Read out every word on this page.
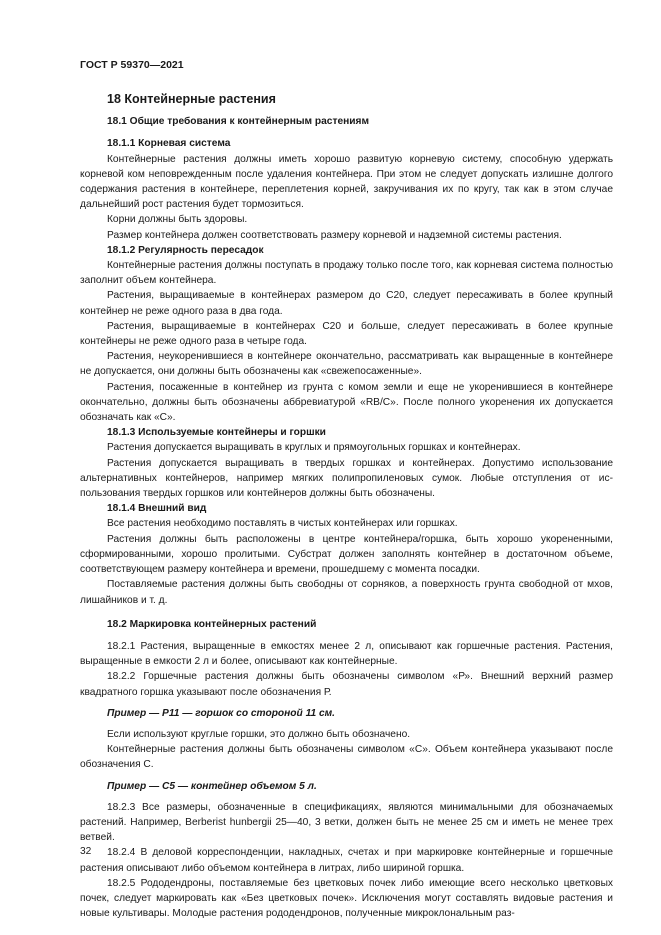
ГОСТ Р 59370—2021
18 Контейнерные растения
18.1 Общие требования к контейнерным растениям
18.1.1 Корневая система

Контейнерные растения должны иметь хорошо развитую корневую систему, способную удержать корневой ком неповрежденным после удаления контейнера. При этом не следует допускать излишне долгого содержания растения в контейнере, переплетения корней, закручивания их по кругу, так как в этом случае дальнейший рост растения будет тормозиться.

Корни должны быть здоровы.

Размер контейнера должен соответствовать размеру корневой и надземной системы растения.

18.1.2 Регулярность пересадок

Контейнерные растения должны поступать в продажу только после того, как корневая система полностью заполнит объем контейнера.

Растения, выращиваемые в контейнерах размером до С20, следует пересаживать в более крупный контейнер не реже одного раза в два года.

Растения, выращиваемые в контейнерах С20 и больше, следует пересаживать в более крупные контейнеры не реже одного раза в четыре года.

Растения, неукоренившиеся в контейнере окончательно, рассматривать как выращенные в контейнере не допускается, они должны быть обозначены как «свежепосаженные».

Растения, посаженные в контейнер из грунта с комом земли и еще не укоренившиеся в контейнере окончательно, должны быть обозначены аббревиатурой «RB/C». После полного укоренения их допускается обозначать как «С».

18.1.3 Используемые контейнеры и горшки

Растения допускается выращивать в круглых и прямоугольных горшках и контейнерах.

Растения допускается выращивать в твердых горшках и контейнерах. Допустимо использование альтернативных контейнеров, например мягких полипропиленовых сумок. Любые отступления от использования твердых горшков или контейнеров должны быть обозначены.

18.1.4 Внешний вид

Все растения необходимо поставлять в чистых контейнерах или горшках.

Растения должны быть расположены в центре контейнера/горшка, быть хорошо укорененными, сформированными, хорошо пролитыми. Субстрат должен заполнять контейнер в достаточном объеме, соответствующем размеру контейнера и времени, прошедшему с момента посадки.

Поставляемые растения должны быть свободны от сорняков, а поверхность грунта свободной от мхов, лишайников и т. д.

18.2 Маркировка контейнерных растений

18.2.1 Растения, выращенные в емкостях менее 2 л, описывают как горшечные растения. Растения, выращенные в емкости 2 л и более, описывают как контейнерные.

18.2.2 Горшечные растения должны быть обозначены символом «Р». Внешний верхний размер квадратного горшка указывают после обозначения Р.

Пример — Р11 — горшок со стороной 11 см.

Если используют круглые горшки, это должно быть обозначено.

Контейнерные растения должны быть обозначены символом «С». Объем контейнера указывают после обозначения С.

Пример — С5 — контейнер объемом 5 л.

18.2.3 Все размеры, обозначенные в спецификациях, являются минимальными для обозначаемых растений. Например, Berberist hunbergii 25—40, 3 ветки, должен быть не менее 25 см и иметь не менее трех ветвей.

18.2.4 В деловой корреспонденции, накладных, счетах и при маркировке контейнерные и горшечные растения описывают либо объемом контейнера в литрах, либо шириной горшка.

18.2.5 Рододендроны, поставляемые без цветковых почек либо имеющие всего несколько цветковых почек, следует маркировать как «Без цветковых почек». Исключения могут составлять видовые растения и новые культивары. Молодые растения рододендронов, полученные микроклональным раз-

32
